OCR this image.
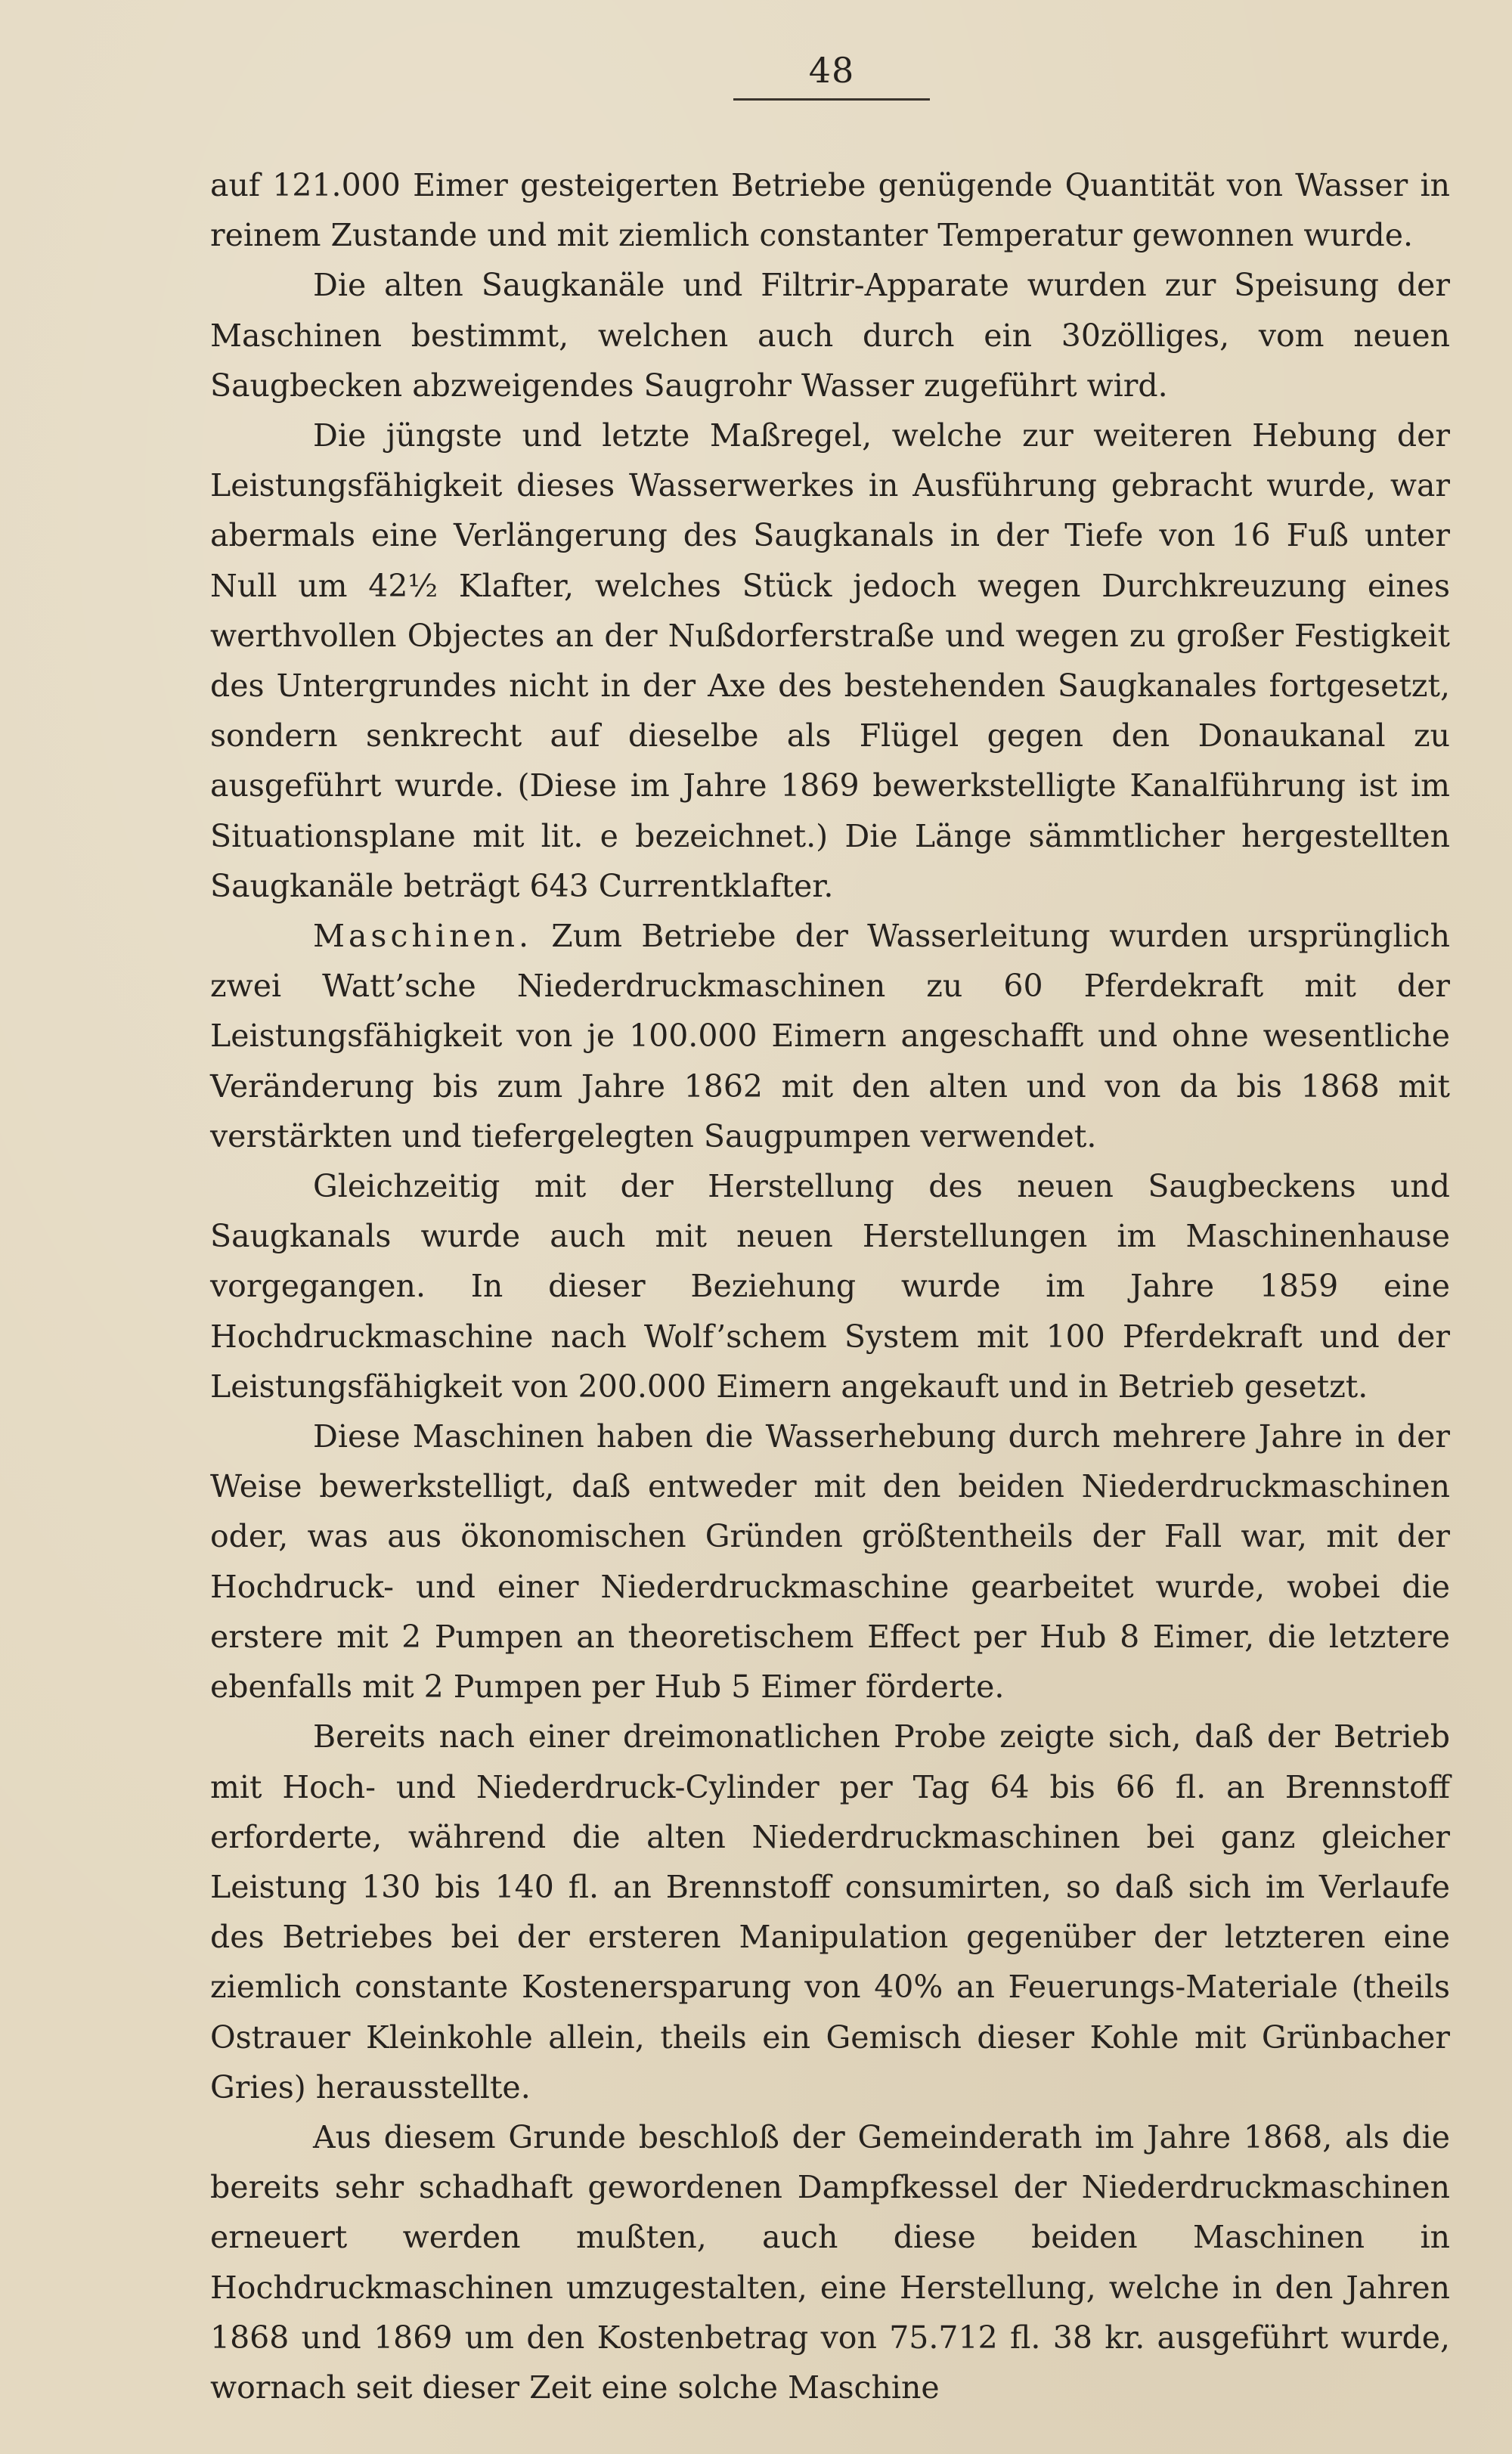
48

auf 121.000 Eimer gesteigerten Betriebe genügende Quantität von Wasser in reinem Zustande und mit ziemlich constanter Temperatur gewonnen wurde.

Die alten Saugkanäle und Filtrir-Apparate wurden zur Speisung der Maschinen bestimmt, welchen auch durch ein 30zölliges, vom neuen Saugbecken abzweigendes Saugrohr Wasser zugeführt wird.

Die jüngste und letzte Maßregel, welche zur weiteren Hebung der Leistungsfähigkeit dieses Wasserwerkes in Ausführung gebracht wurde, war abermals eine Verlängerung des Saugkanals in der Tiefe von 16 Fuß unter Null um 42½ Klafter, welches Stück jedoch wegen Durchkreuzung eines werthvollen Objectes an der Nußdorferstraße und wegen zu großer Festigkeit des Untergrundes nicht in der Axe des bestehenden Saugkanales fortgesetzt, sondern senkrecht auf dieselbe als Flügel gegen den Donaukanal zu ausgeführt wurde. (Diese im Jahre 1869 bewerkstelligte Kanalführung ist im Situationsplane mit lit. e bezeichnet.) Die Länge sämmtlicher hergestellten Saugkanäle beträgt 643 Currentklafter.

Maschinen. Zum Betriebe der Wasserleitung wurden ursprünglich zwei Watt’sche Niederdruckmaschinen zu 60 Pferdekraft mit der Leistungsfähigkeit von je 100.000 Eimern angeschafft und ohne wesentliche Veränderung bis zum Jahre 1862 mit den alten und von da bis 1868 mit verstärkten und tiefergelegten Saugpumpen verwendet.

Gleichzeitig mit der Herstellung des neuen Saugbeckens und Saugkanals wurde auch mit neuen Herstellungen im Maschinenhause vorgegangen. In dieser Beziehung wurde im Jahre 1859 eine Hochdruckmaschine nach Wolf’schem System mit 100 Pferdekraft und der Leistungsfähigkeit von 200.000 Eimern angekauft und in Betrieb gesetzt.

Diese Maschinen haben die Wasserhebung durch mehrere Jahre in der Weise bewerkstelligt, daß entweder mit den beiden Niederdruckmaschinen oder, was aus ökonomischen Gründen größtentheils der Fall war, mit der Hochdruck- und einer Niederdruckmaschine gearbeitet wurde, wobei die erstere mit 2 Pumpen an theoretischem Effect per Hub 8 Eimer, die letztere ebenfalls mit 2 Pumpen per Hub 5 Eimer förderte.

Bereits nach einer dreimonatlichen Probe zeigte sich, daß der Betrieb mit Hoch- und Niederdruck-Cylinder per Tag 64 bis 66 fl. an Brennstoff erforderte, während die alten Niederdruckmaschinen bei ganz gleicher Leistung 130 bis 140 fl. an Brennstoff consumirten, so daß sich im Verlaufe des Betriebes bei der ersteren Manipulation gegenüber der letzteren eine ziemlich constante Kostenersparung von 40% an Feuerungs-Materiale (theils Ostrauer Kleinkohle allein, theils ein Gemisch dieser Kohle mit Grünbacher Gries) herausstellte.

Aus diesem Grunde beschloß der Gemeinderath im Jahre 1868, als die bereits sehr schadhaft gewordenen Dampfkessel der Niederdruckmaschinen erneuert werden mußten, auch diese beiden Maschinen in Hochdruckmaschinen umzugestalten, eine Herstellung, welche in den Jahren 1868 und 1869 um den Kostenbetrag von 75.712 fl. 38 kr. ausgeführt wurde, wornach seit dieser Zeit eine solche Maschine
